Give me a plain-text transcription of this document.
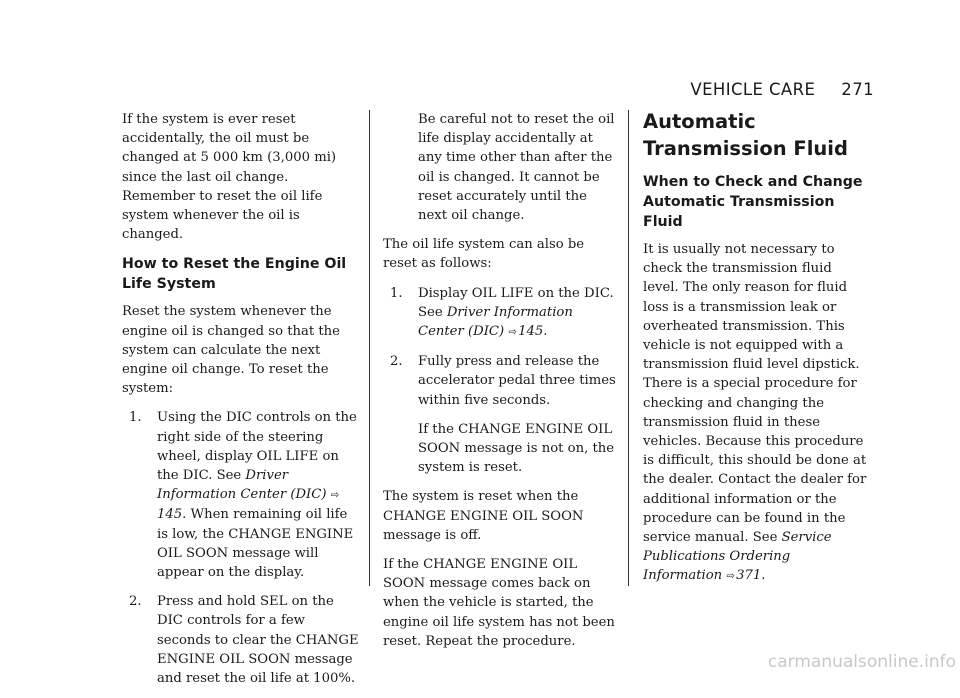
VEHICLE CARE 271

If the system is ever reset accidentally, the oil must be changed at 5 000 km (3,000 mi) since the last oil change. Remember to reset the oil life system whenever the oil is changed.

How to Reset the Engine Oil Life System

Reset the system whenever the engine oil is changed so that the system can calculate the next engine oil change. To reset the system:

1. Using the DIC controls on the right side of the steering wheel, display OIL LIFE on the DIC. See Driver Information Center (DIC) ⇨ 145. When remaining oil life is low, the CHANGE ENGINE OIL SOON message will appear on the display.
2. Press and hold SEL on the DIC controls for a few seconds to clear the CHANGE ENGINE OIL SOON message and reset the oil life at 100%.

Be careful not to reset the oil life display accidentally at any time other than after the oil is changed. It cannot be reset accurately until the next oil change.

The oil life system can also be reset as follows:

1. Display OIL LIFE on the DIC. See Driver Information Center (DIC) ⇨ 145.
2. Fully press and release the accelerator pedal three times within five seconds.

If the CHANGE ENGINE OIL SOON message is not on, the system is reset.

The system is reset when the CHANGE ENGINE OIL SOON message is off.

If the CHANGE ENGINE OIL SOON message comes back on when the vehicle is started, the engine oil life system has not been reset. Repeat the procedure.

Automatic Transmission Fluid
When to Check and Change Automatic Transmission Fluid

It is usually not necessary to check the transmission fluid level. The only reason for fluid loss is a transmission leak or overheated transmission. This vehicle is not equipped with a transmission fluid level dipstick. There is a special procedure for checking and changing the transmission fluid in these vehicles. Because this procedure is difficult, this should be done at the dealer. Contact the dealer for additional information or the procedure can be found in the service manual. See Service Publications Ordering Information ⇨ 371.

carmanualsonline.info
